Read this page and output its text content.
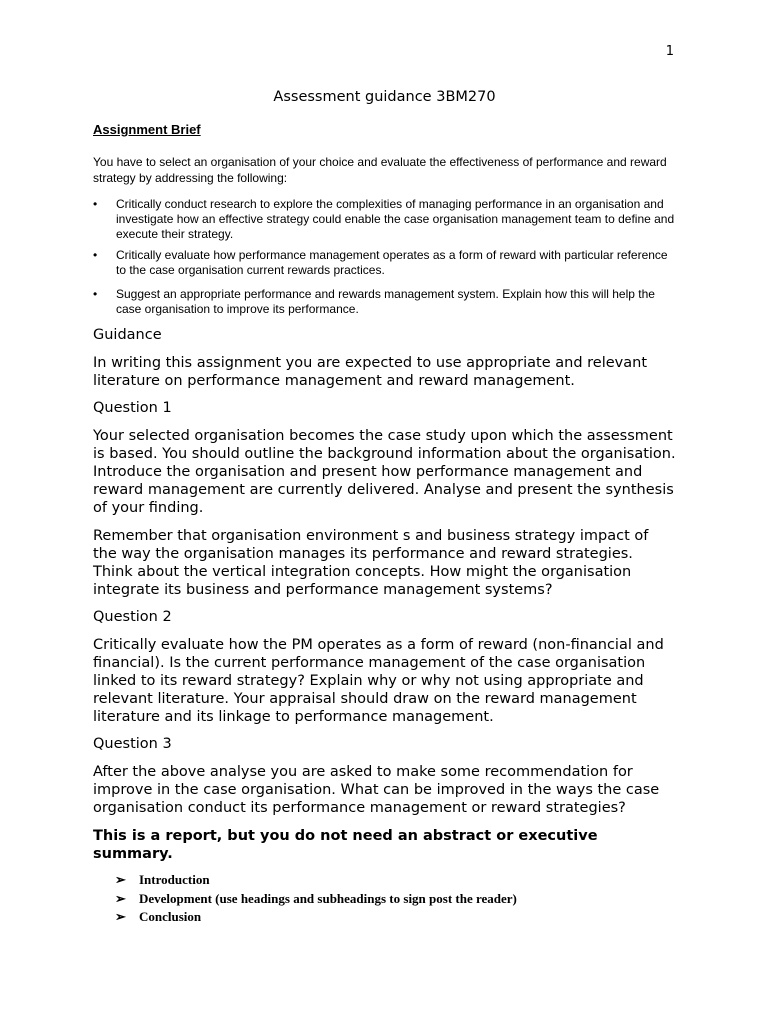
1
Assessment guidance 3BM270
Assignment Brief

You have to select an organisation of your choice and evaluate the effectiveness of performance and reward strategy by addressing the following:

• Critically conduct research to explore the complexities of managing performance in an organisation and investigate how an effective strategy could enable the case organisation management team to define and execute their strategy.
• Critically evaluate how performance management operates as a form of reward with particular reference to the case organisation current rewards practices.
• Suggest an appropriate performance and rewards management system. Explain how this will help the case organisation to improve its performance.
Guidance

In writing this assignment you are expected to use appropriate and relevant literature on performance management and reward management.

Question 1

Your selected organisation becomes the case study upon which the assessment is based. You should outline the background information about the organisation. Introduce the organisation and present how performance management and reward management are currently delivered. Analyse and present the synthesis of your finding.

Remember that organisation environment s and business strategy impact of the way the organisation manages its performance and reward strategies. Think about the vertical integration concepts. How might the organisation integrate its business and performance management systems?

Question 2

Critically evaluate how the PM operates as a form of reward (non-financial and financial). Is the current performance management of the case organisation linked to its reward strategy? Explain why or why not using appropriate and relevant literature. Your appraisal should draw on the reward management literature and its linkage to performance management.

Question 3

After the above analyse you are asked to make some recommendation for improve in the case organisation. What can be improved in the ways the case organisation conduct its performance management or reward strategies?

This is a report, but you do not need an abstract or executive summary.

➢ Introduction
➢ Development (use headings and subheadings to sign post the reader)
➢ Conclusion
